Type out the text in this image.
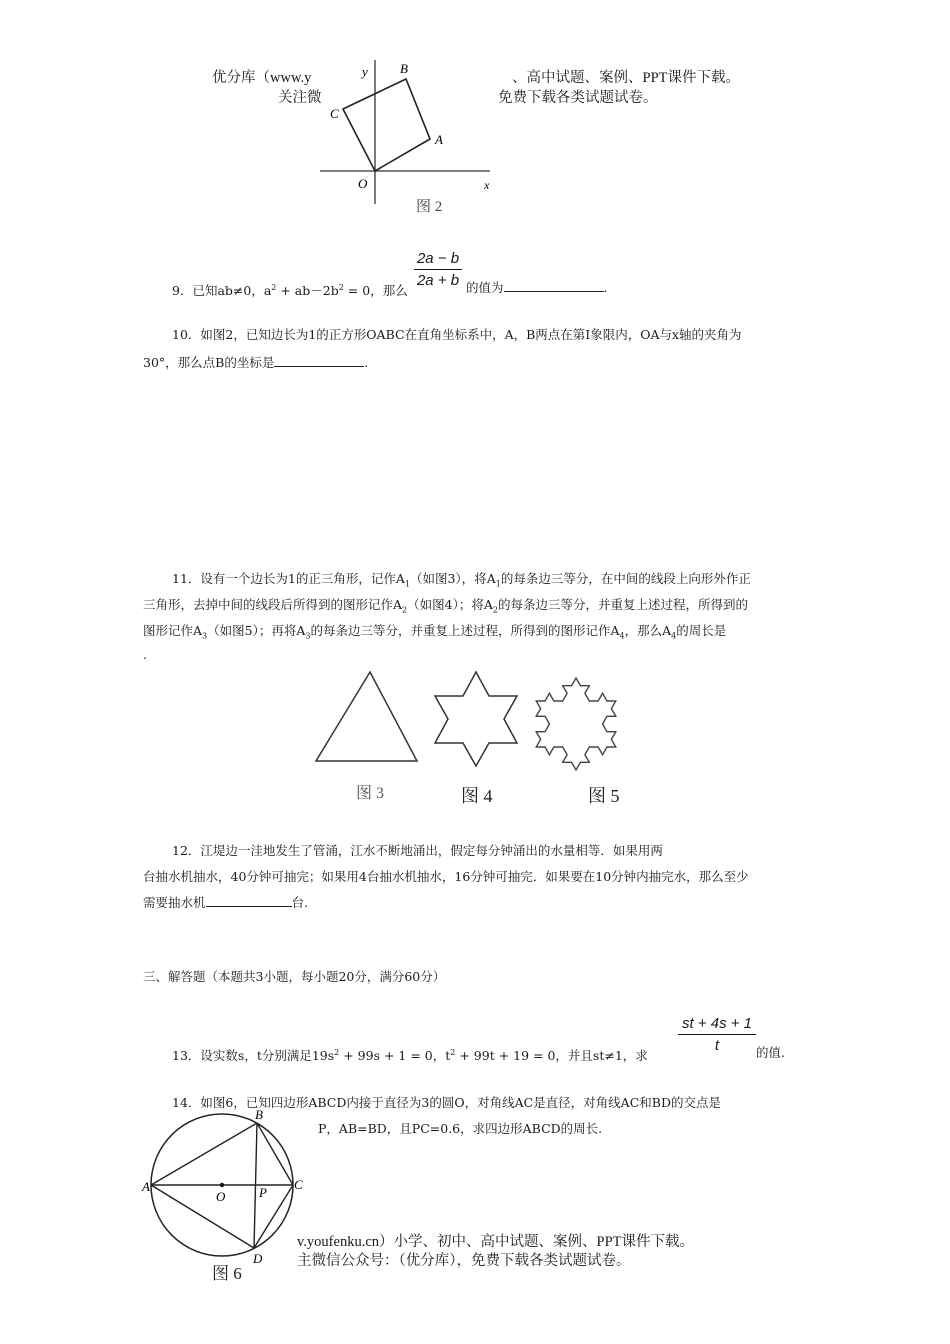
优分库（www.y	、高中试题、案例、PPT课件下载。
关注微	免费下载各类试题试卷。
y
x
O
A
B
C
图 2
2a − b
2a + b
9．已知ab≠0，$a^2 + ab-2b^2 = 0$，那么	的值为	.
10．如图2，已知边长为1的正方形OABC在直角坐标系中，A，B两点在第Ⅰ象限内，OA与x轴的夹角为
30°，那么点B的坐标是	.
11．设有一个边长为1的正三角形，记作$A_1$（如图3），将$A_1$的每条边三等分，在中间的线段上向形外作正
三角形，去掉中间的线段后所得到的图形记作$A_2$（如图4）；将$A_2$的每条边三等分，并重复上述过程，所得到的
图形记作$A_3$（如图5）；再将$A_3$的每条边三等分，并重复上述过程，所得到的图形记作$A_4$，那么$A_4$的周长是
.
图 3	图 4	图 5
12．江堤边一洼地发生了管涌，江水不断地涌出，假定每分钟涌出的水量相等．如果用两
台抽水机抽水，40分钟可抽完；如果用4台抽水机抽水，16分钟可抽完．如果要在10分钟内抽完水，那么至少
需要抽水机	台.
三、解答题（本题共3小题，每小题20分，满分60分）
st + 4s + 1
t
13．设实数s，t分别满足$19s^2 + 99s + 1 = 0$，$t^2 + 99t + 19 = 0$，并且st≠1，求	的值.
14．如图6，已知四边形ABCD内接于直径为3的圆O，对角线AC是直径，对角线AC和BD的交点是
P，AB=BD，且PC=0.6，求四边形ABCD的周长.
A
B
C
D
O	P
图 6
v.youfenku.cn）小学、初中、高中试题、案例、PPT课件下载。
主微信公众号：（优分库），免费下载各类试题试卷。
